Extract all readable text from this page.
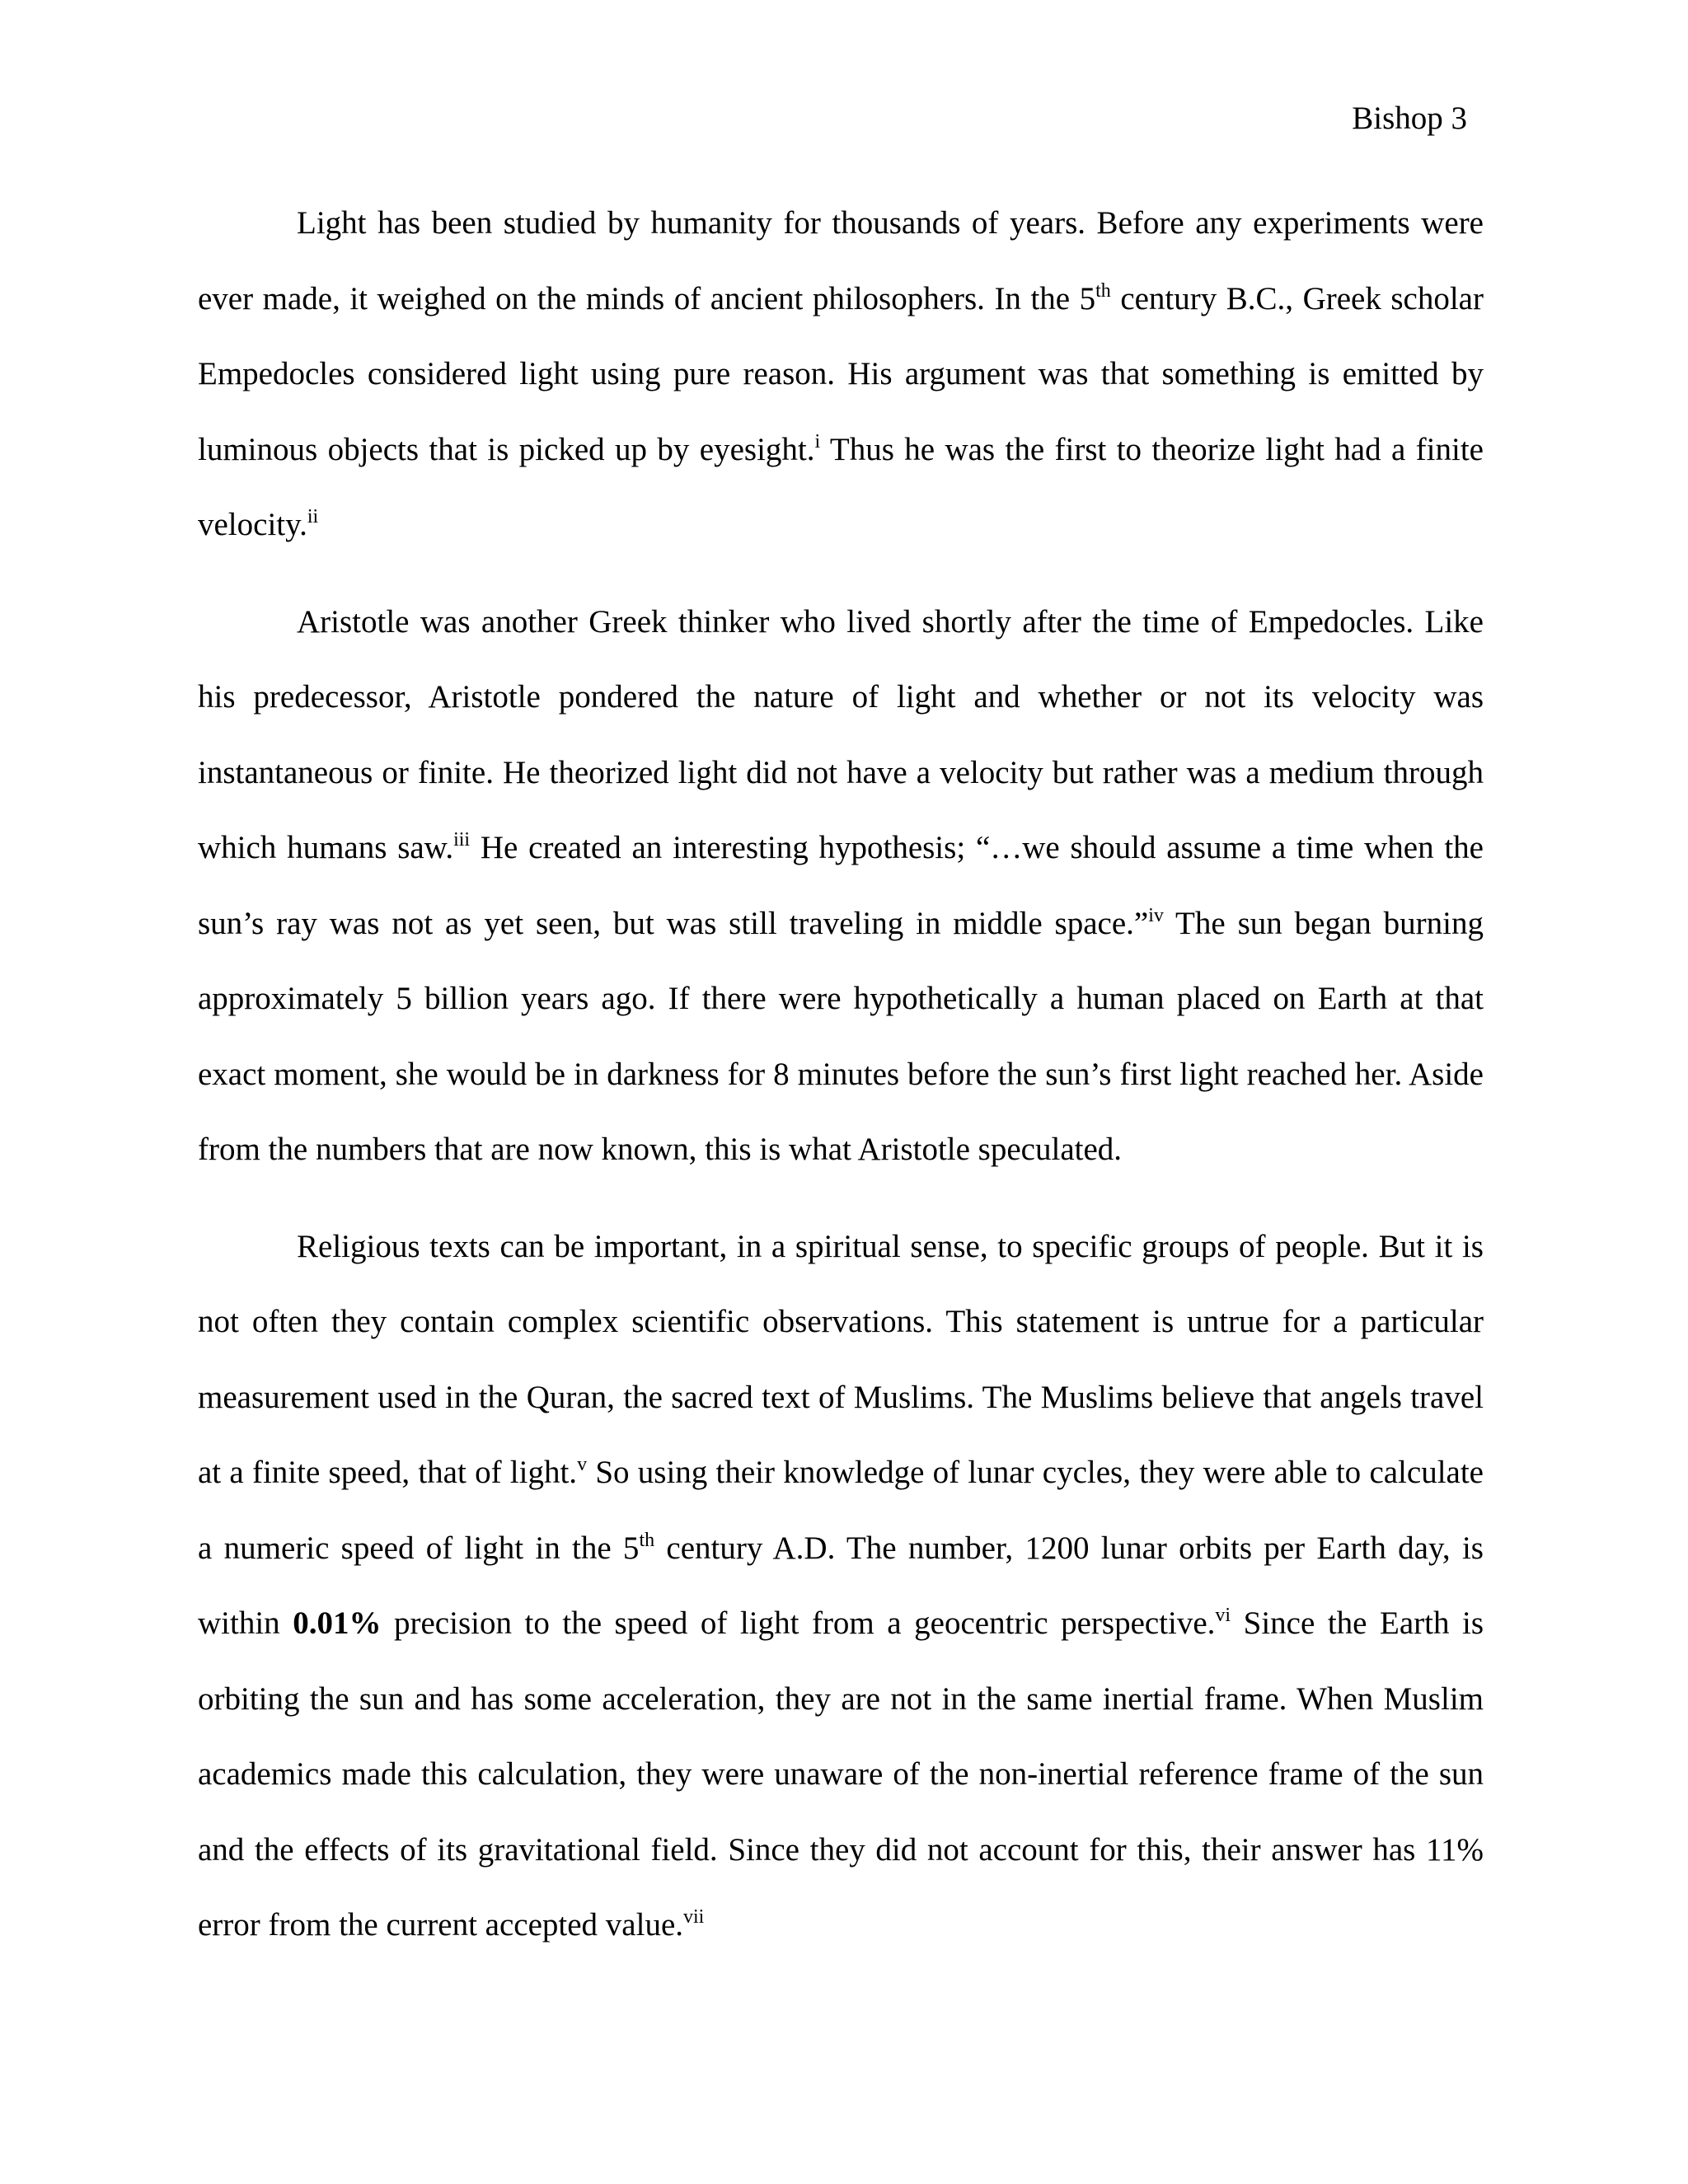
Bishop 3

Light has been studied by humanity for thousands of years. Before any experiments were ever made, it weighed on the minds of ancient philosophers. In the 5th century B.C., Greek scholar Empedocles considered light using pure reason. His argument was that something is emitted by luminous objects that is picked up by eyesight.$^i$ Thus he was the first to theorize light had a finite velocity.$^{ii}$

Aristotle was another Greek thinker who lived shortly after the time of Empedocles. Like his predecessor, Aristotle pondered the nature of light and whether or not its velocity was instantaneous or finite. He theorized light did not have a velocity but rather was a medium through which humans saw.$^{iii}$ He created an interesting hypothesis; “…we should assume a time when the sun’s ray was not as yet seen, but was still traveling in middle space.”$^{iv}$ The sun began burning approximately 5 billion years ago. If there were hypothetically a human placed on Earth at that exact moment, she would be in darkness for 8 minutes before the sun’s first light reached her. Aside from the numbers that are now known, this is what Aristotle speculated.

Religious texts can be important, in a spiritual sense, to specific groups of people. But it is not often they contain complex scientific observations. This statement is untrue for a particular measurement used in the Quran, the sacred text of Muslims. The Muslims believe that angels travel at a finite speed, that of light.$^v$ So using their knowledge of lunar cycles, they were able to calculate a numeric speed of light in the 5th century A.D. The number, 1200 lunar orbits per Earth day, is within 0.01% precision to the speed of light from a geocentric perspective.$^{vi}$ Since the Earth is orbiting the sun and has some acceleration, they are not in the same inertial frame. When Muslim academics made this calculation, they were unaware of the non-inertial reference frame of the sun and the effects of its gravitational field. Since they did not account for this, their answer has 11% error from the current accepted value.$^{vii}$
